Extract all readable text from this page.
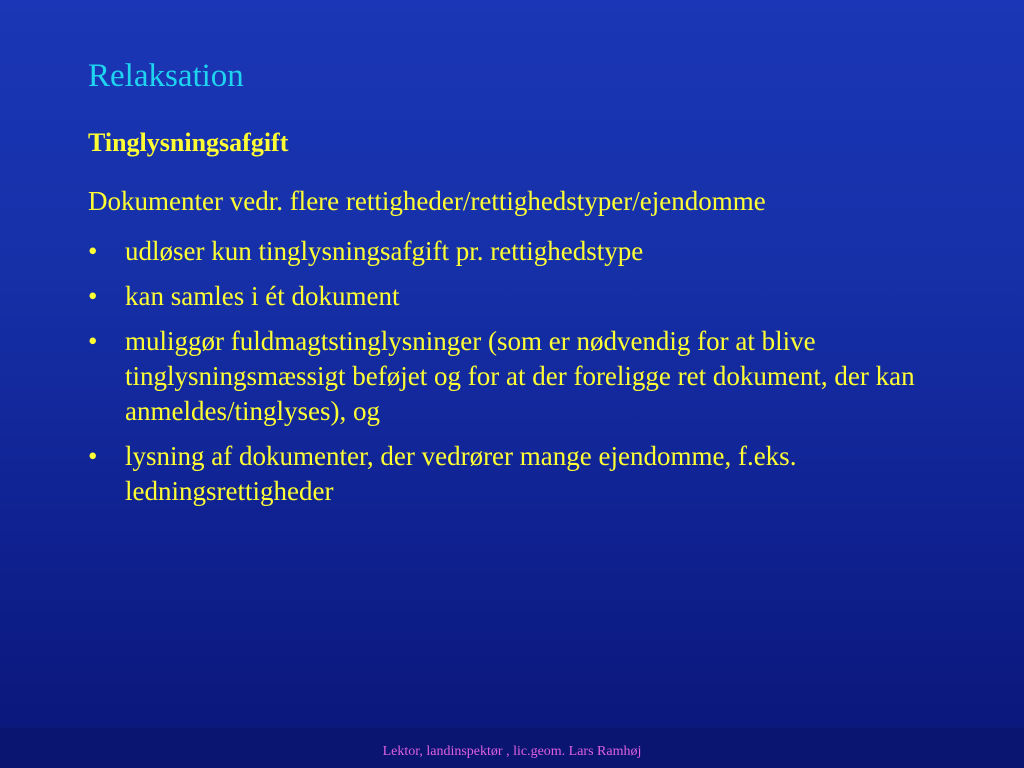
Relaksation
Tinglysningsafgift
Dokumenter vedr. flere rettigheder/rettighedstyper/ejendomme
• udløser kun tinglysningsafgift pr. rettighedstype
• kan samles i ét dokument
• muliggør fuldmagtstinglysninger (som er nødvendig for at blive tinglysningsmæssigt beføjet og for at der foreligge ret dokument, der kan anmeldes/tinglyses), og
• lysning af dokumenter, der vedrører mange ejendomme, f.eks. ledningsrettigheder
Lektor, landinspektør , lic.geom. Lars Ramhøj
